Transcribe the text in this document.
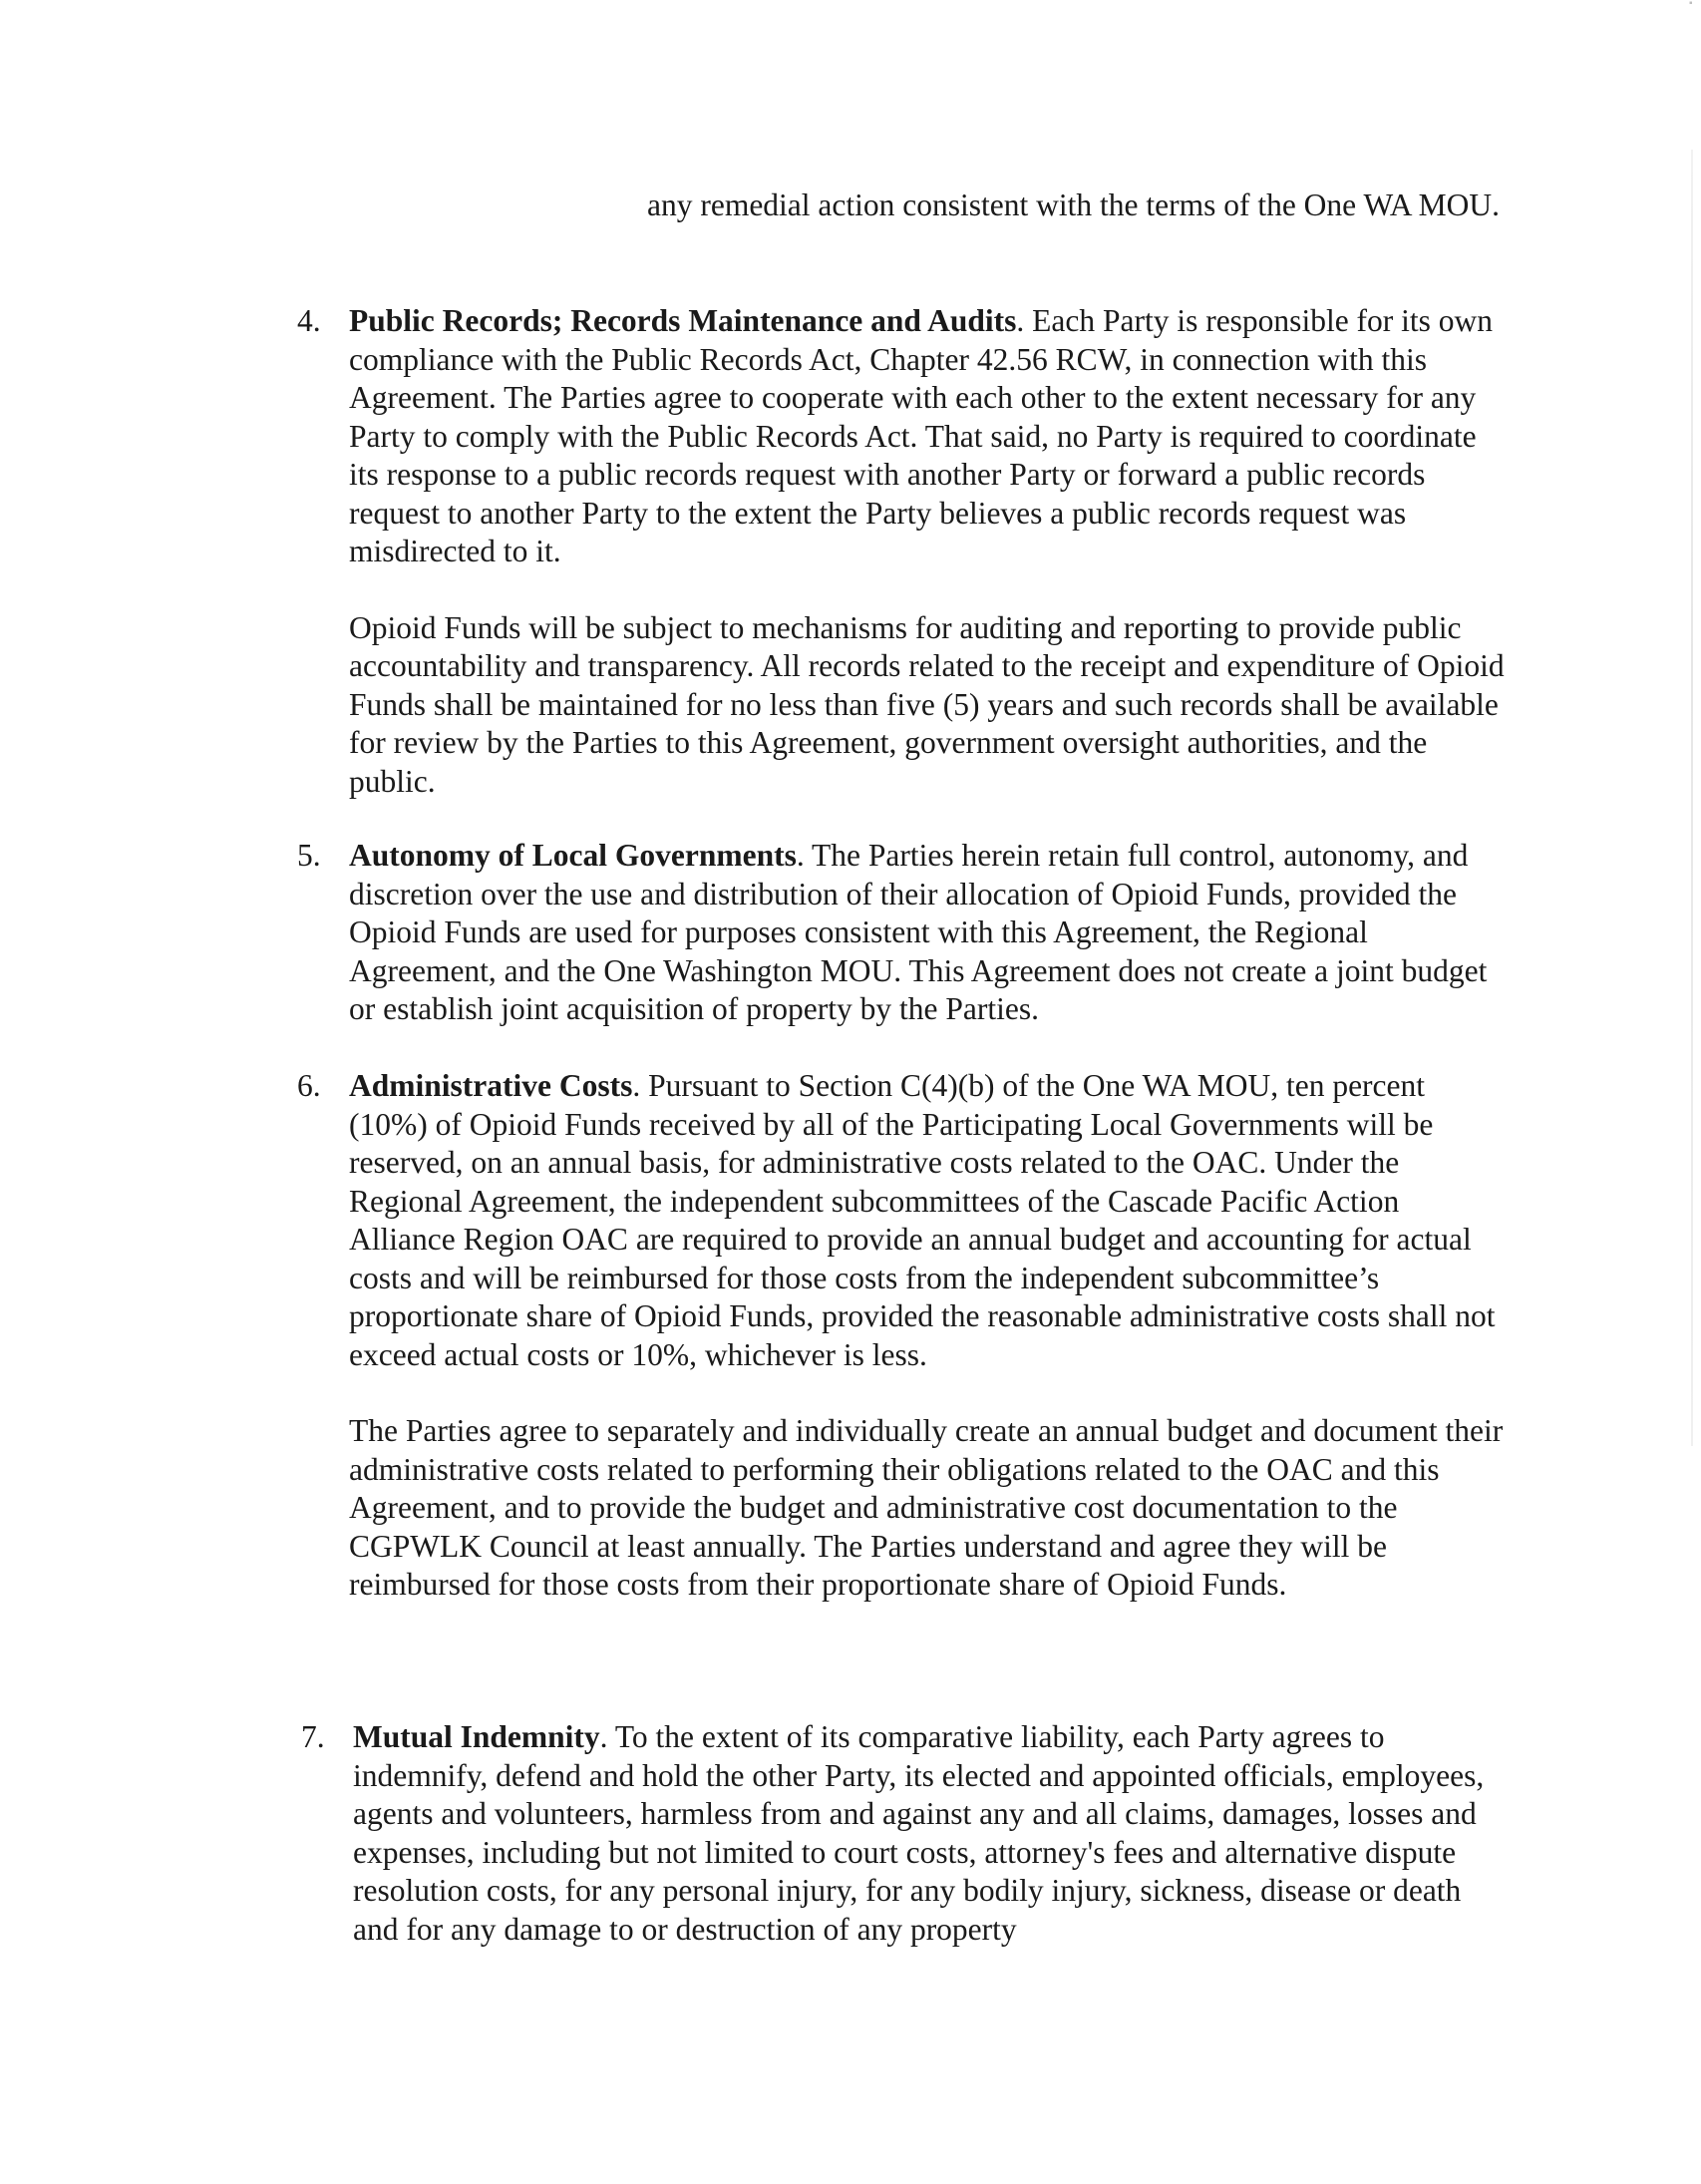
▪
any remedial action consistent with the terms of the One WA MOU.
4. Public Records; Records Maintenance and Audits. Each Party is responsible for its own compliance with the Public Records Act, Chapter 42.56 RCW, in connection with this Agreement. The Parties agree to cooperate with each other to the extent necessary for any Party to comply with the Public Records Act. That said, no Party is required to coordinate its response to a public records request with another Party or forward a public records request to another Party to the extent the Party believes a public records request was misdirected to it.

Opioid Funds will be subject to mechanisms for auditing and reporting to provide public accountability and transparency. All records related to the receipt and expenditure of Opioid Funds shall be maintained for no less than five (5) years and such records shall be available for review by the Parties to this Agreement, government oversight authorities, and the public.

5. Autonomy of Local Governments. The Parties herein retain full control, autonomy, and discretion over the use and distribution of their allocation of Opioid Funds, provided the Opioid Funds are used for purposes consistent with this Agreement, the Regional Agreement, and the One Washington MOU. This Agreement does not create a joint budget or establish joint acquisition of property by the Parties.

6. Administrative Costs. Pursuant to Section C(4)(b) of the One WA MOU, ten percent (10%) of Opioid Funds received by all of the Participating Local Governments will be reserved, on an annual basis, for administrative costs related to the OAC. Under the Regional Agreement, the independent subcommittees of the Cascade Pacific Action Alliance Region OAC are required to provide an annual budget and accounting for actual costs and will be reimbursed for those costs from the independent subcommittee’s proportionate share of Opioid Funds, provided the reasonable administrative costs shall not exceed actual costs or 10%, whichever is less.

The Parties agree to separately and individually create an annual budget and document their administrative costs related to performing their obligations related to the OAC and this Agreement, and to provide the budget and administrative cost documentation to the CGPWLK Council at least annually. The Parties understand and agree they will be reimbursed for those costs from their proportionate share of Opioid Funds.

7. Mutual Indemnity. To the extent of its comparative liability, each Party agrees to indemnify, defend and hold the other Party, its elected and appointed officials, employees, agents and volunteers, harmless from and against any and all claims, damages, losses and expenses, including but not limited to court costs, attorney's fees and alternative dispute resolution costs, for any personal injury, for any bodily injury, sickness, disease or death and for any damage to or destruction of any property
